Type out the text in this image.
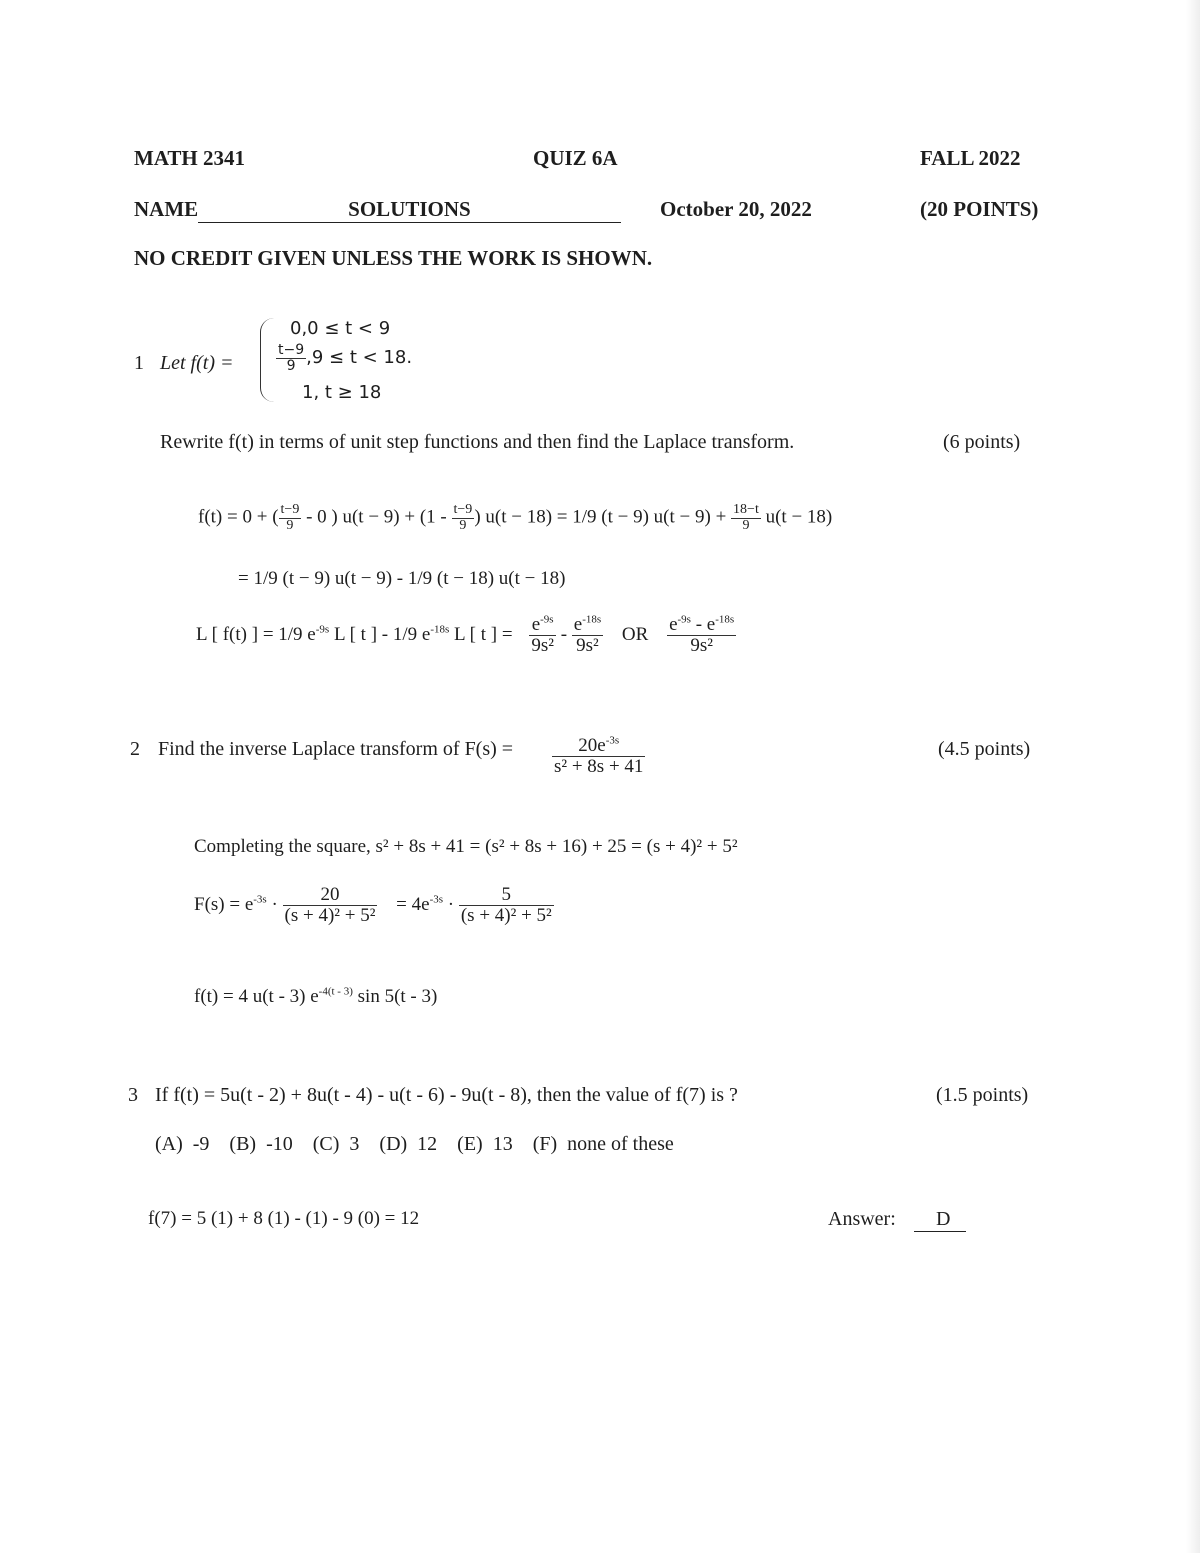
MATH 2341	QUIZ 6A	FALL 2022
NAME	SOLUTIONS	October 20, 2022	(20 POINTS)
NO CREDIT GIVEN UNLESS THE WORK IS SHOWN.
1 Let f(t) =
0,0 ≤ t < 9
$\frac{t-9}{9} ,9 \le t < 18$.
1, t ≥ 18
Rewrite f(t) in terms of unit step functions and then find the Laplace transform.	(6 points)
f(t) = 0 + ( $\frac{t-9}{9} - 0$ ) $u(t - 9) + (1 - \frac{t-9}{9}$ ) u(t − 18) = 1/9 (t − 9) $u(t - 9) + \frac{18-t}{9} u(t - 18)$
= 1/9 (t − 9) u(t − 9) - 1/9 (t − 18) u(t − 18)
L [ f(t) ] = 1/9 $e^{-9s}$ L [ t ] - 1/9 $e^{-18s}$ L [ t ] = $\frac{e^{-9s}}{\text{9s²}} - \frac{e^{-18s}}{\text{9s²}}$ OR $\frac{e^{-9s} - e^{-18s}}{\text{9s²}}$
2 Find the inverse Laplace transform of $F(s) = \frac{20e^{-3s}}{\text{s² + 8s + 41}}$	(4.5 points)
Completing the square, s² + 8s + 41 = (s² + 8s + 16) + 25 = (s + 4)² + 5²
$F(s) = e^{-3s} \cdot \frac{20}{\text{(s + 4)² + 5²}} = 4e^{-3s} \cdot \frac{5}{\text{(s + 4)² + 5²}}$
f(t) = 4 u(t - 3) $e^{-4(t - 3)}$ sin 5(t - 3)
3 If f(t) = 5u(t - 2) + 8u(t - 4) - u(t - 6) - 9u(t - 8), then the value of f(7) is ?	(1.5 points)
(A)  -9    (B)  -10    (C)  3    (D)  12    (E)  13    (F)  none of these
f(7) = 5 (1) + 8 (1) - (1) - 9 (0) = 12	Answer:	D
